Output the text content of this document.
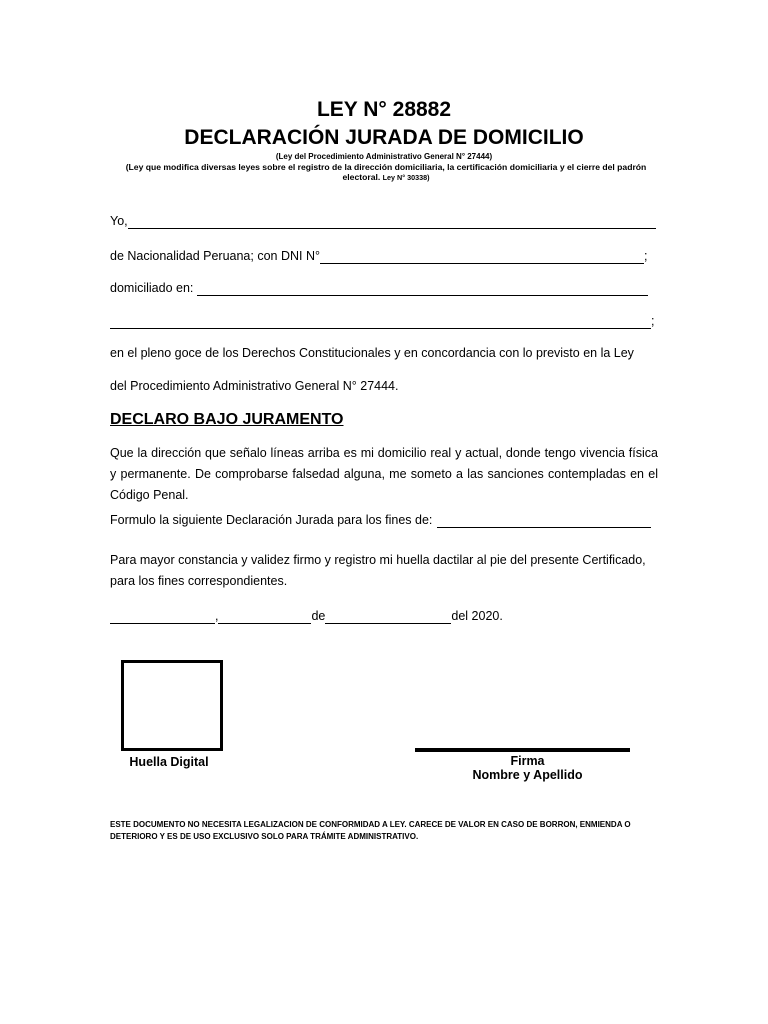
LEY N° 28882
DECLARACIÓN JURADA DE DOMICILIO
(Ley del Procedimiento Administrativo General N° 27444)
(Ley que modifica diversas leyes sobre el registro de la dirección domiciliaria, la certificación domiciliaria y el cierre del padrón electoral. Ley N° 30338)
Yo,
de Nacionalidad Peruana; con DNI N°	;
domiciliado en:
;
en el pleno goce de los Derechos Constitucionales y en concordancia con lo previsto en la Ley
del Procedimiento Administrativo General N° 27444.
DECLARO BAJO JURAMENTO
Que la dirección que señalo líneas arriba es mi domicilio real y actual, donde tengo vivencia física y permanente. De comprobarse falsedad alguna, me someto a las sanciones contempladas en el Código Penal.
Formulo la siguiente Declaración Jurada para los fines de:
Para mayor constancia y validez firmo y registro mi huella dactilar al pie del presente Certificado, para los fines correspondientes.
,	de	del 2020.
Huella Digital	Firma
Nombre y Apellido
ESTE DOCUMENTO NO NECESITA LEGALIZACION DE CONFORMIDAD A LEY. CARECE DE VALOR EN CASO DE BORRON, ENMIENDA O DETERIORO Y ES DE USO EXCLUSIVO SOLO PARA TRÁMITE ADMINISTRATIVO.
